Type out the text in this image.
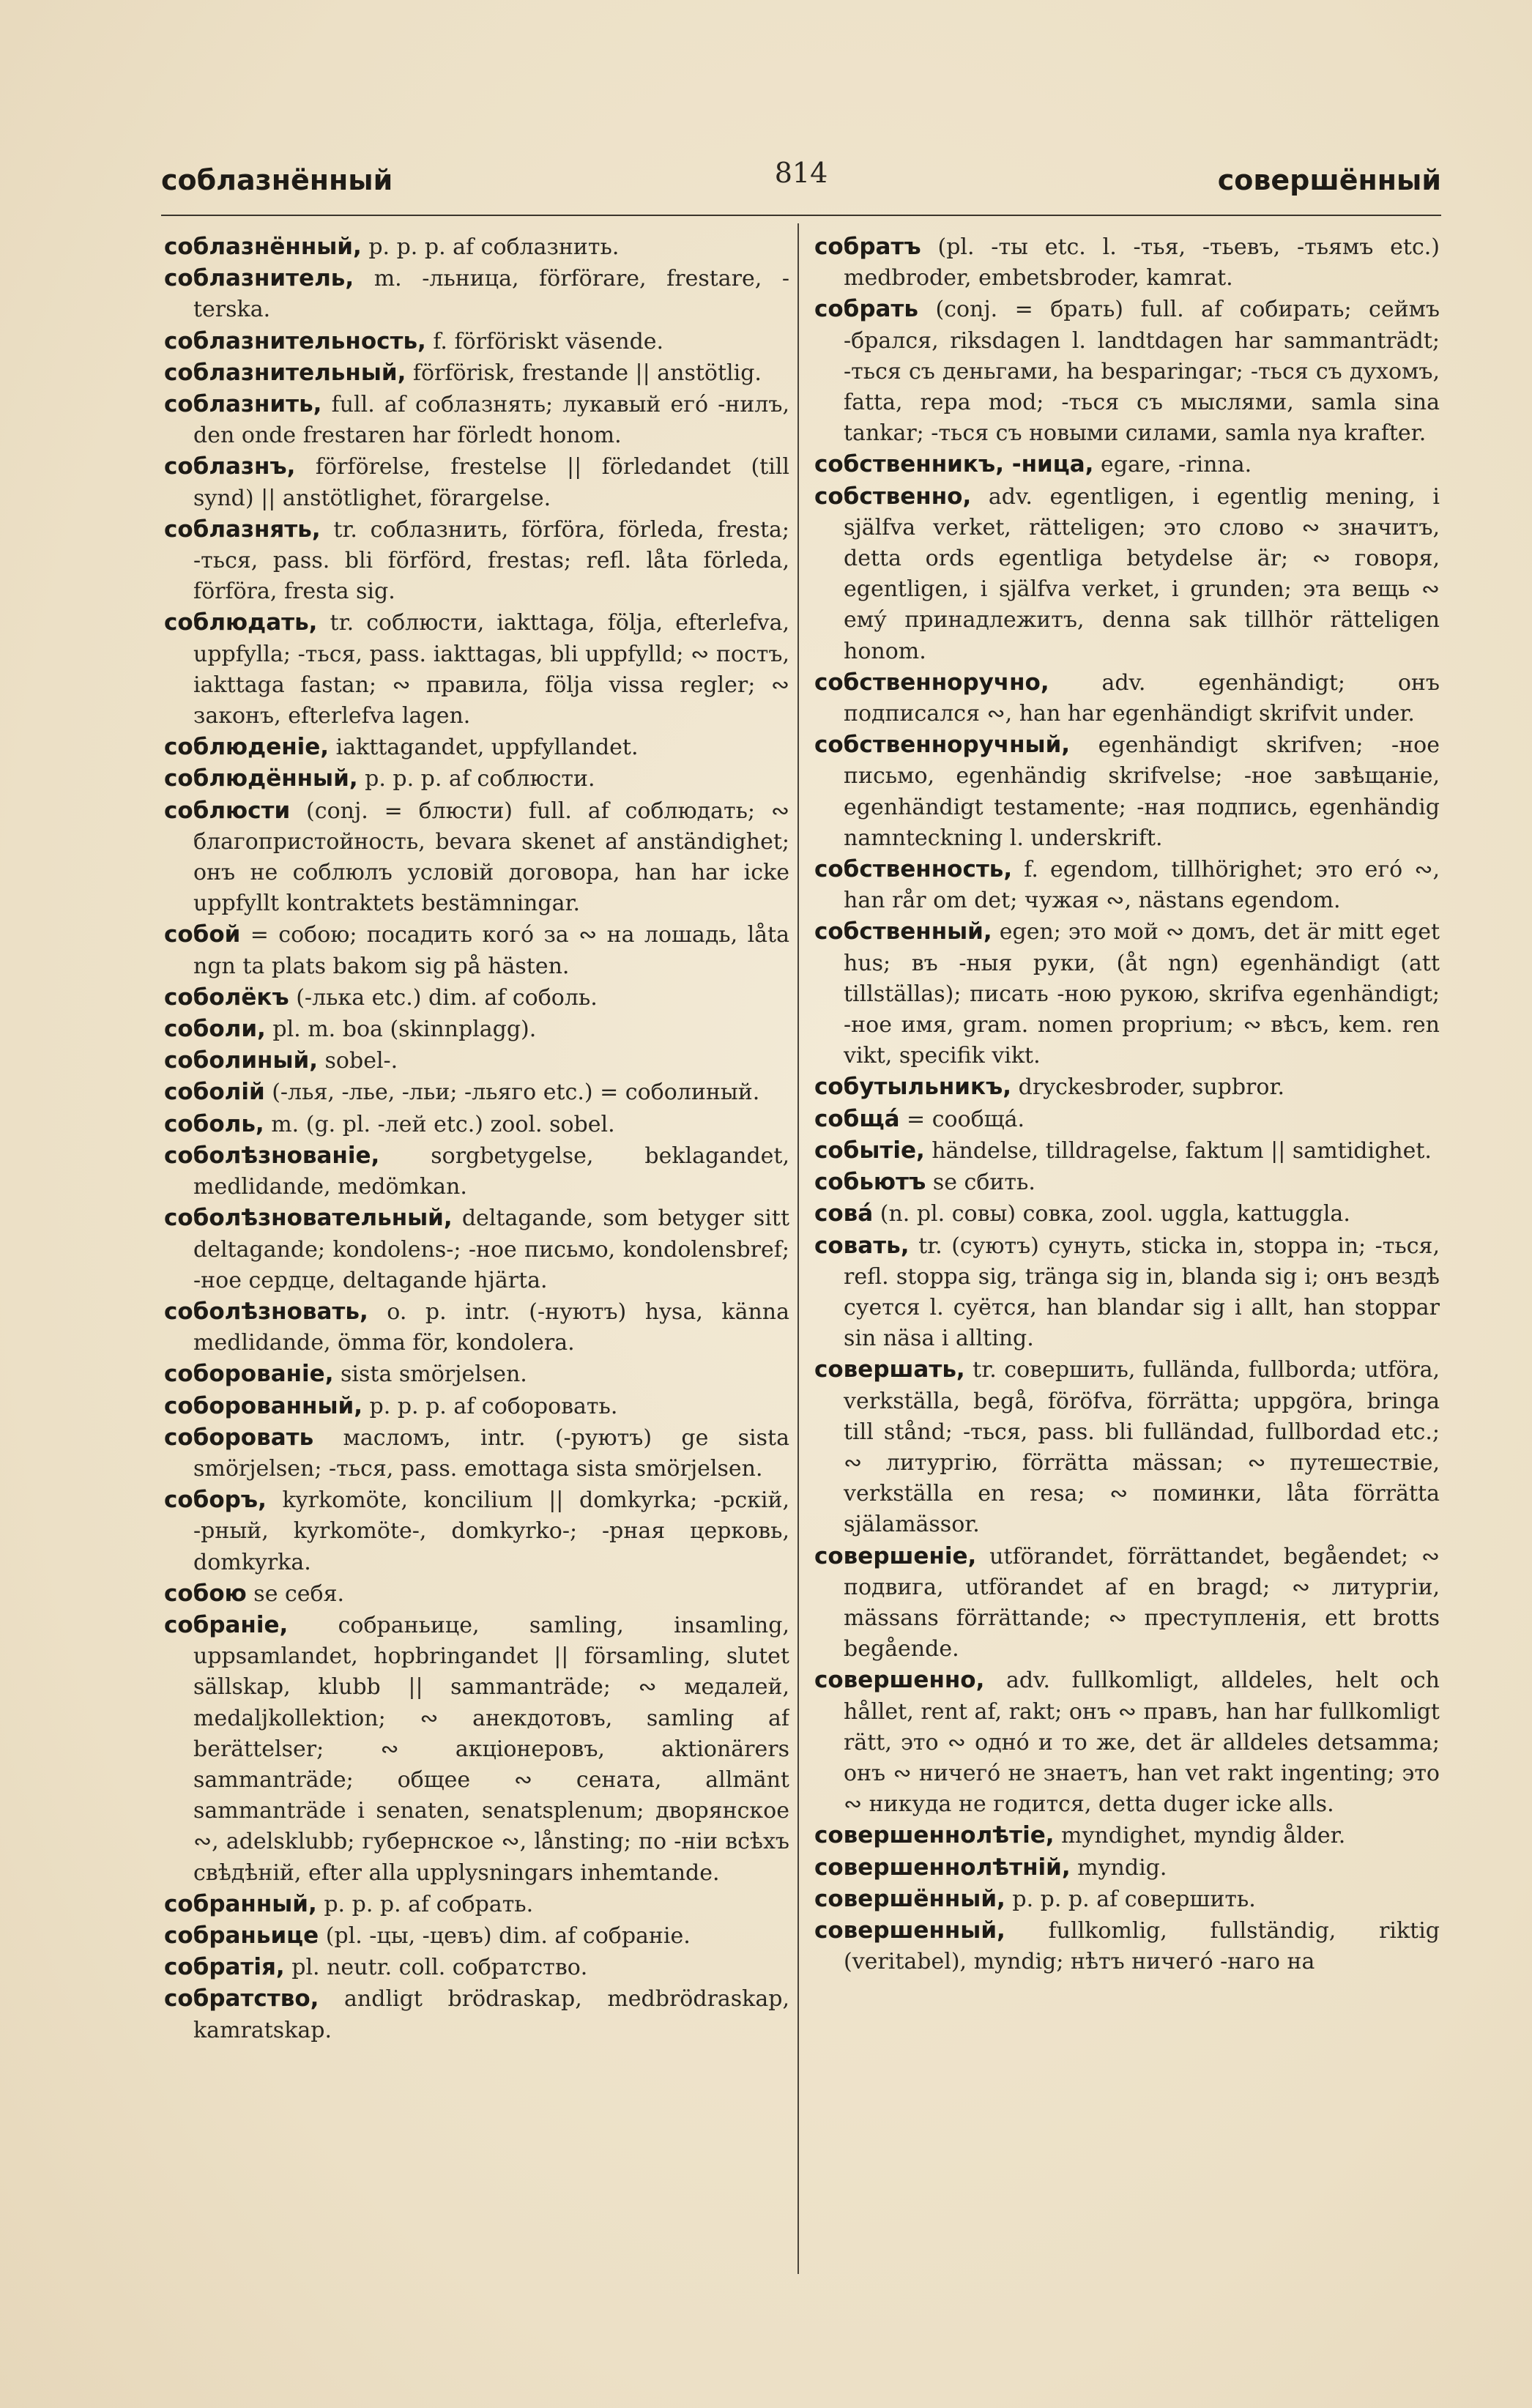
соблазнённый	814	совершённый

соблазнённый, p. p. p. af соблазнить.

соблазнитель, m. -льница, förförare, frestare, -terska.

соблазнительность, f. förföriskt väsende.

соблазнительный, förförisk, frestande || anstötlig.

соблазнить, full. af соблазнять; лукавый его́ -нилъ, den onde frestaren har förledt honom.

соблазнъ, förförelse, frestelse || förledandet (till synd) || anstötlighet, förargelse.

соблазнять, tr. соблазнить, förföra, förleda, fresta; -ться, pass. bli förförd, frestas; refl. låta förleda, förföra, fresta sig.

соблюдать, tr. соблюсти, iakttaga, följa, efterlefva, uppfylla; -ться, pass. iakttagas, bli uppfylld; ∾ постъ, iakttaga fastan; ∾ правила, följa vissa regler; ∾ законъ, efterlefva lagen.

соблюденіе, iakttagandet, uppfyllandet.

соблюдённый, p. p. p. af соблюсти.

соблюсти (conj. = блюсти) full. af соблюдать; ∾ благопристойность, bevara skenet af anständighet; онъ не соблюлъ условій договора, han har icke uppfyllt kontraktets bestämningar.

собой = собою; посадить кого́ за ∾ на лошадь, låta ngn ta plats bakom sig på hästen.

соболёкъ (-лька etc.) dim. af соболь.

соболи, pl. m. boa (skinnplagg).

соболиный, sobel-.

соболій (-лья, -лье, -льи; -льяго etc.) = соболиный.

соболь, m. (g. pl. -лей etc.) zool. sobel.

соболѣзнованіе, sorgbetygelse, beklagandet, medlidande, medömkan.

соболѣзновательный, deltagande, som betyger sitt deltagande; kondolens-; -ное письмо, kondolensbref; -ное сердце, deltagande hjärta.

соболѣзновать, o. p. intr. (-нуютъ) hysa, känna medlidande, ömma för, kondolera.

соборованіе, sista smörjelsen.

соборованный, p. p. p. af соборовать.

соборовать масломъ, intr. (-руютъ) ge sista smörjelsen; -ться, pass. emottaga sista smörjelsen.

соборъ, kyrkomöte, koncilium || domkyrka; -рскій, -рный, kyrkomöte-, domkyrko-; -рная церковь, domkyrka.

собою se себя.

собраніе, собраньице, samling, insamling, uppsamlandet, hopbringandet || församling, slutet sällskap, klubb || sammanträde; ∾ медалей, medaljkollektion; ∾ анекдотовъ, samling af berättelser; ∾ акціонеровъ, aktionärers sammanträde; общее ∾ сената, allmänt sammanträde i senaten, senatsplenum; дворянское ∾, adelsklubb; губернское ∾, lånsting; по -ніи всѣхъ свѣдѣній, efter alla upplysningars inhemtande.

собранный, p. p. p. af собрать.

собраньице (pl. -цы, -цевъ) dim. af собраніе.

собратія, pl. neutr. coll. собратство.

собратство, andligt brödraskap, medbrödraskap, kamratskap.

собратъ (pl. -ты etc. l. -тья, -тьевъ, -тьямъ etc.) medbroder, embetsbroder, kamrat.

собрать (conj. = брать) full. af собирать; сеймъ -бралcя, riksdagen l. landtdagen har sammanträdt; -ться съ деньгами, ha besparingar; -ться съ духомъ, fatta, repa mod; -ться съ мыслями, samla sina tankar; -ться съ новыми силами, samla nya krafter.

собственникъ, -ница, egare, -rinna.

собственно, adv. egentligen, i egentlig mening, i själfva verket, rätteligen; это слово ∾ значитъ, detta ords egentliga betydelse är; ∾ говоря, egentligen, i själfva verket, i grunden; эта вещь ∾ ему́ принадлежитъ, denna sak tillhör rätteligen honom.

собственноручно, adv. egenhändigt; онъ подписался ∾, han har egenhändigt skrifvit under.

собственноручный, egenhändigt skrifven; -ное письмо, egenhändig skrifvelse; -ное завѣщаніе, egenhändigt testamente; -ная подпись, egenhändig namnteckning l. underskrift.

собственность, f. egendom, tillhörighet; это его́ ∾, han rår om det; чужая ∾, nästans egendom.

собственный, egen; это мой ∾ домъ, det är mitt eget hus; въ -ныя руки, (åt ngn) egenhändigt (att tillställas); писать -ною рукою, skrifva egenhändigt; -ное имя, gram. nomen proprium; ∾ вѣсъ, kem. ren vikt, specifik vikt.

собутыльникъ, dryckesbroder, supbror.

собща́ = сообща́.

событіе, händelse, tilldragelse, faktum || samtidighet.

собьютъ se сбить.

сова́ (n. pl. совы) совка, zool. uggla, kattuggla.

совать, tr. (суютъ) сунуть, sticka in, stoppa in; -ться, refl. stoppa sig, tränga sig in, blanda sig i; онъ вездѣ суется l. суётся, han blandar sig i allt, han stoppar sin näsa i allting.

совершать, tr. совершить, fullända, fullborda; utföra, verkställa, begå, föröfva, förrätta; uppgöra, bringa till stånd; -ться, pass. bli fulländad, fullbordad etc.; ∾ литургію, förrätta mässan; ∾ путешествіе, verkställa en resa; ∾ поминки, låta förrätta själamässor.

совершеніе, utförandet, förrättandet, begåendet; ∾ подвига, utförandet af en bragd; ∾ литургіи, mässans förrättande; ∾ преступленія, ett brotts begående.

совершенно, adv. fullkomligt, alldeles, helt och hållet, rent af, rakt; онъ ∾ правъ, han har fullkomligt rätt, это ∾ одно́ и то же, det är alldeles detsamma; онъ ∾ ничего́ не знаетъ, han vet rakt ingenting; это ∾ никуда не годится, detta duger icke alls.

совершеннолѣтіе, myndighet, myndig ålder.

совершеннолѣтній, myndig.

совершённый, p. p. p. af совершить.

совершенный, fullkomlig, fullständig, riktig (veritabel), myndig; нѣтъ ничего́ -наго на
